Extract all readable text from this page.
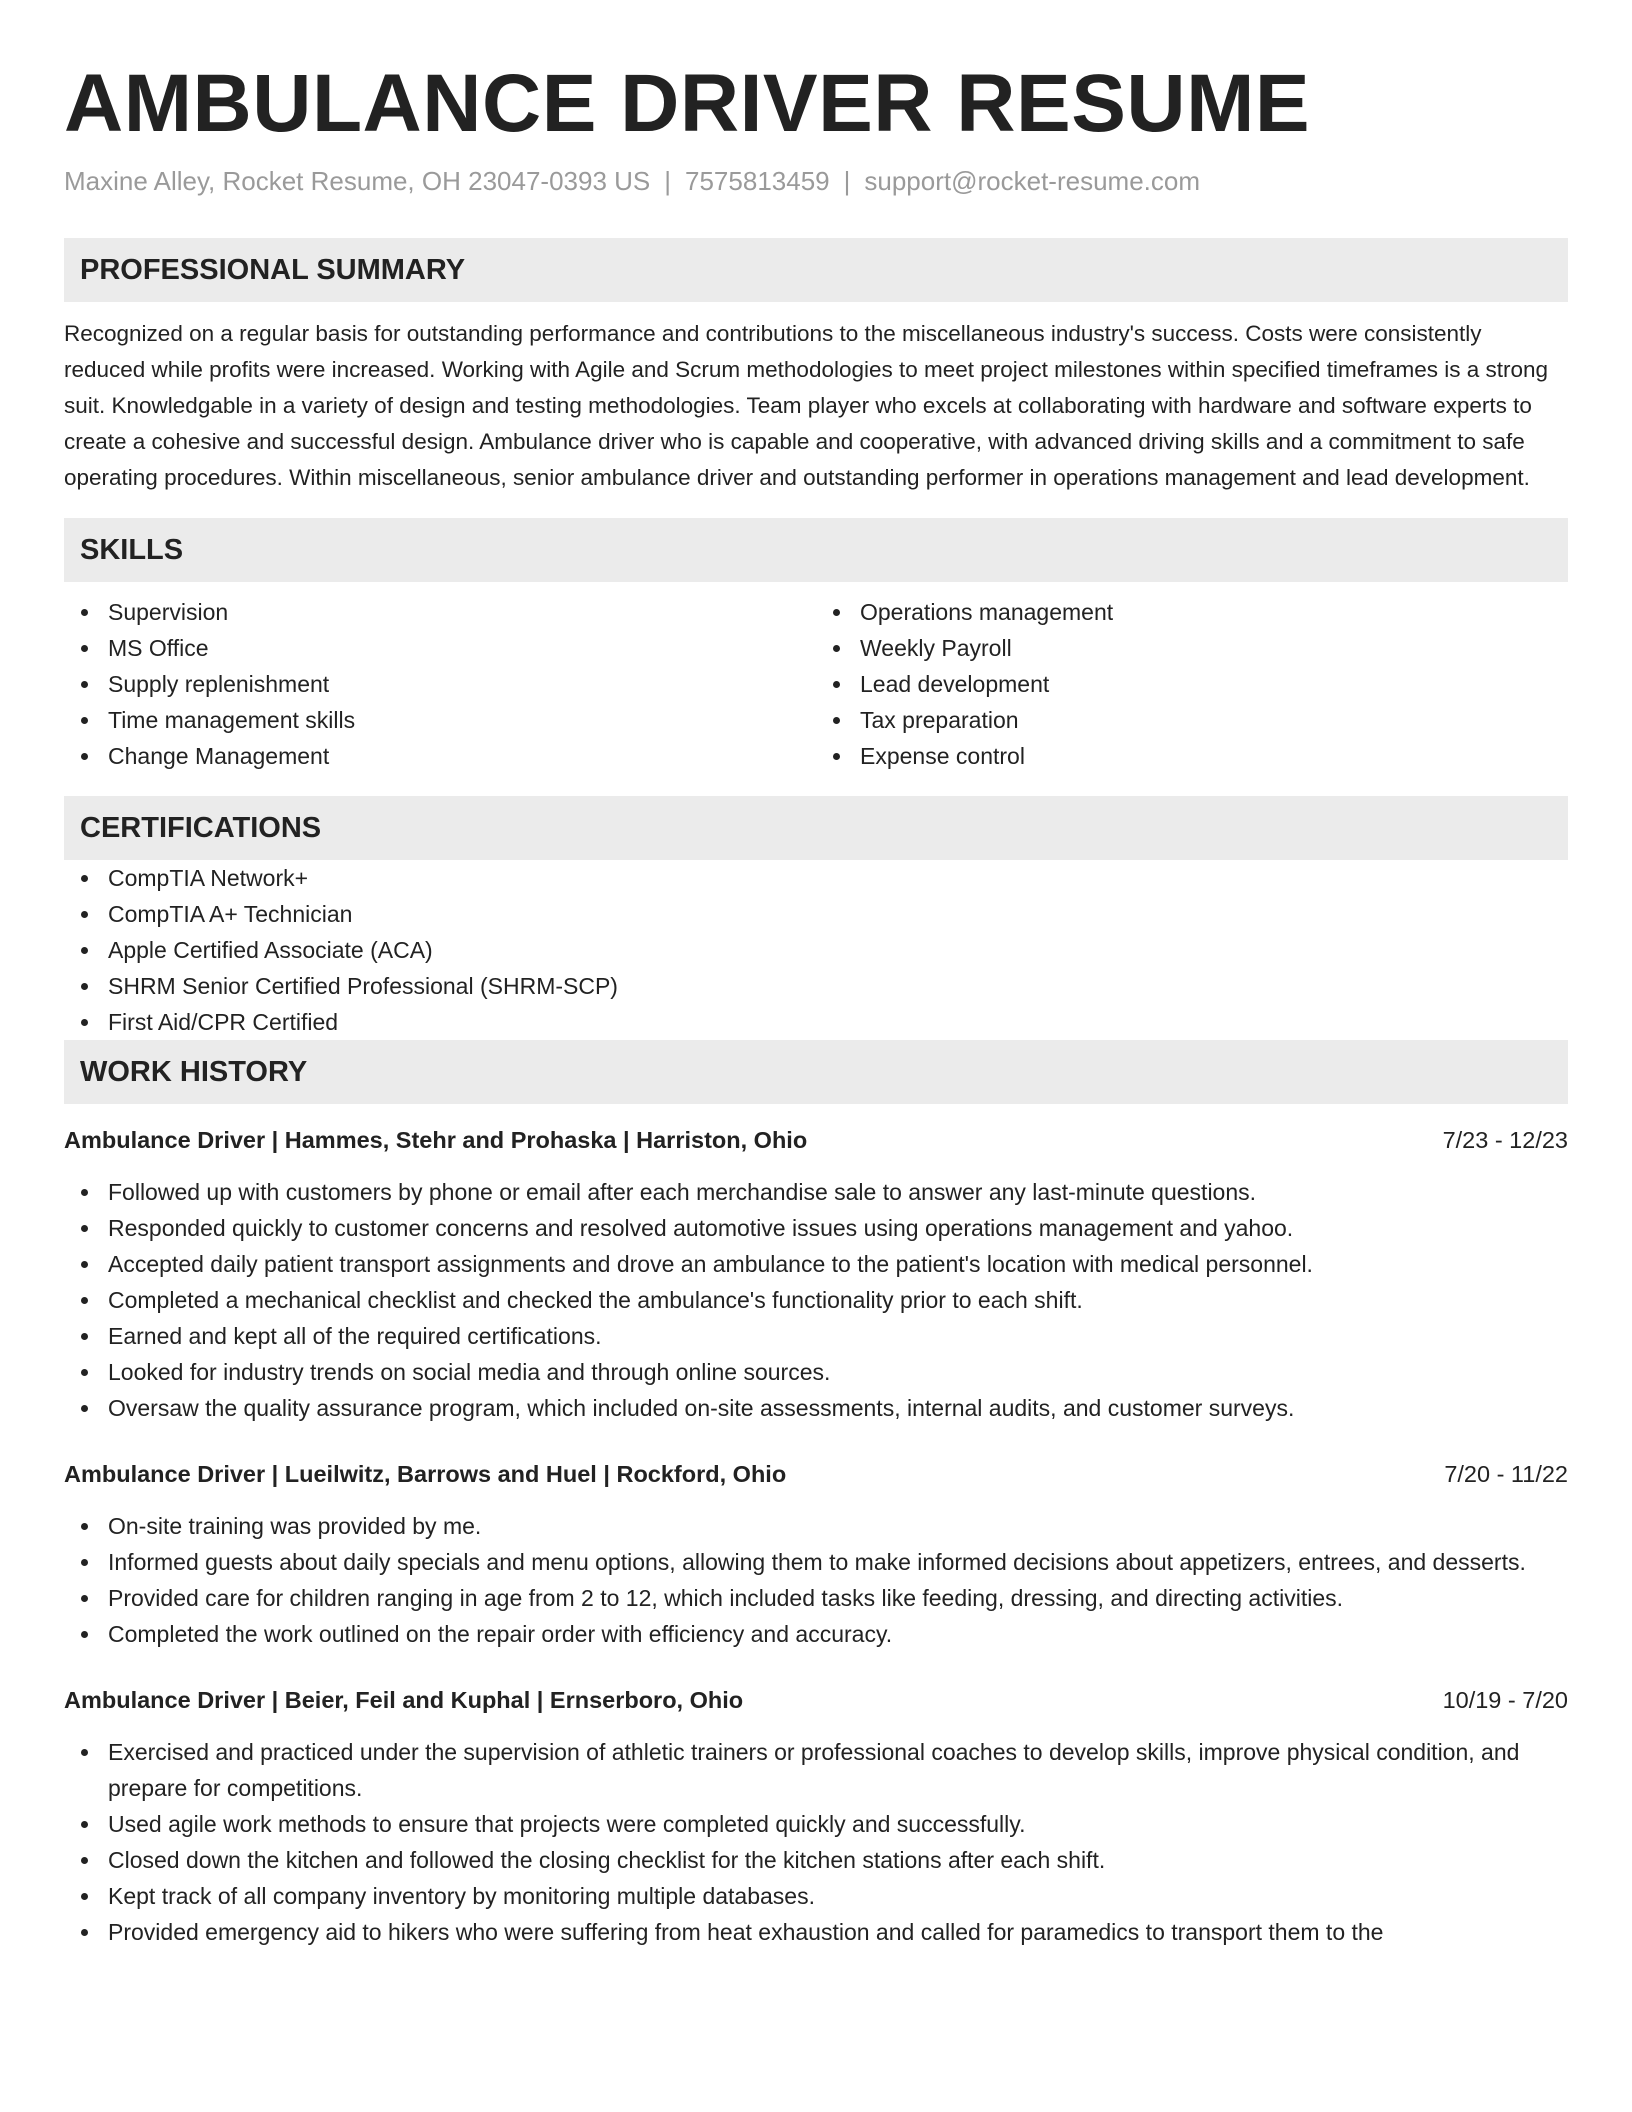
AMBULANCE DRIVER RESUME
Maxine Alley, Rocket Resume, OH 23047-0393 US | 7575813459 | support@rocket-resume.com
PROFESSIONAL SUMMARY
Recognized on a regular basis for outstanding performance and contributions to the miscellaneous industry's success. Costs were consistently reduced while profits were increased. Working with Agile and Scrum methodologies to meet project milestones within specified timeframes is a strong suit. Knowledgable in a variety of design and testing methodologies. Team player who excels at collaborating with hardware and software experts to create a cohesive and successful design. Ambulance driver who is capable and cooperative, with advanced driving skills and a commitment to safe operating procedures. Within miscellaneous, senior ambulance driver and outstanding performer in operations management and lead development.
SKILLS
Supervision
MS Office
Supply replenishment
Time management skills
Change Management
Operations management
Weekly Payroll
Lead development
Tax preparation
Expense control
CERTIFICATIONS
CompTIA Network+
CompTIA A+ Technician
Apple Certified Associate (ACA)
SHRM Senior Certified Professional (SHRM-SCP)
First Aid/CPR Certified
WORK HISTORY
Ambulance Driver | Hammes, Stehr and Prohaska | Harriston, Ohio	7/23 - 12/23
Followed up with customers by phone or email after each merchandise sale to answer any last-minute questions.
Responded quickly to customer concerns and resolved automotive issues using operations management and yahoo.
Accepted daily patient transport assignments and drove an ambulance to the patient's location with medical personnel.
Completed a mechanical checklist and checked the ambulance's functionality prior to each shift.
Earned and kept all of the required certifications.
Looked for industry trends on social media and through online sources.
Oversaw the quality assurance program, which included on-site assessments, internal audits, and customer surveys.
Ambulance Driver | Lueilwitz, Barrows and Huel | Rockford, Ohio	7/20 - 11/22
On-site training was provided by me.
Informed guests about daily specials and menu options, allowing them to make informed decisions about appetizers, entrees, and desserts.
Provided care for children ranging in age from 2 to 12, which included tasks like feeding, dressing, and directing activities.
Completed the work outlined on the repair order with efficiency and accuracy.
Ambulance Driver | Beier, Feil and Kuphal | Ernserboro, Ohio	10/19 - 7/20
Exercised and practiced under the supervision of athletic trainers or professional coaches to develop skills, improve physical condition, and prepare for competitions.
Used agile work methods to ensure that projects were completed quickly and successfully.
Closed down the kitchen and followed the closing checklist for the kitchen stations after each shift.
Kept track of all company inventory by monitoring multiple databases.
Provided emergency aid to hikers who were suffering from heat exhaustion and called for paramedics to transport them to the
